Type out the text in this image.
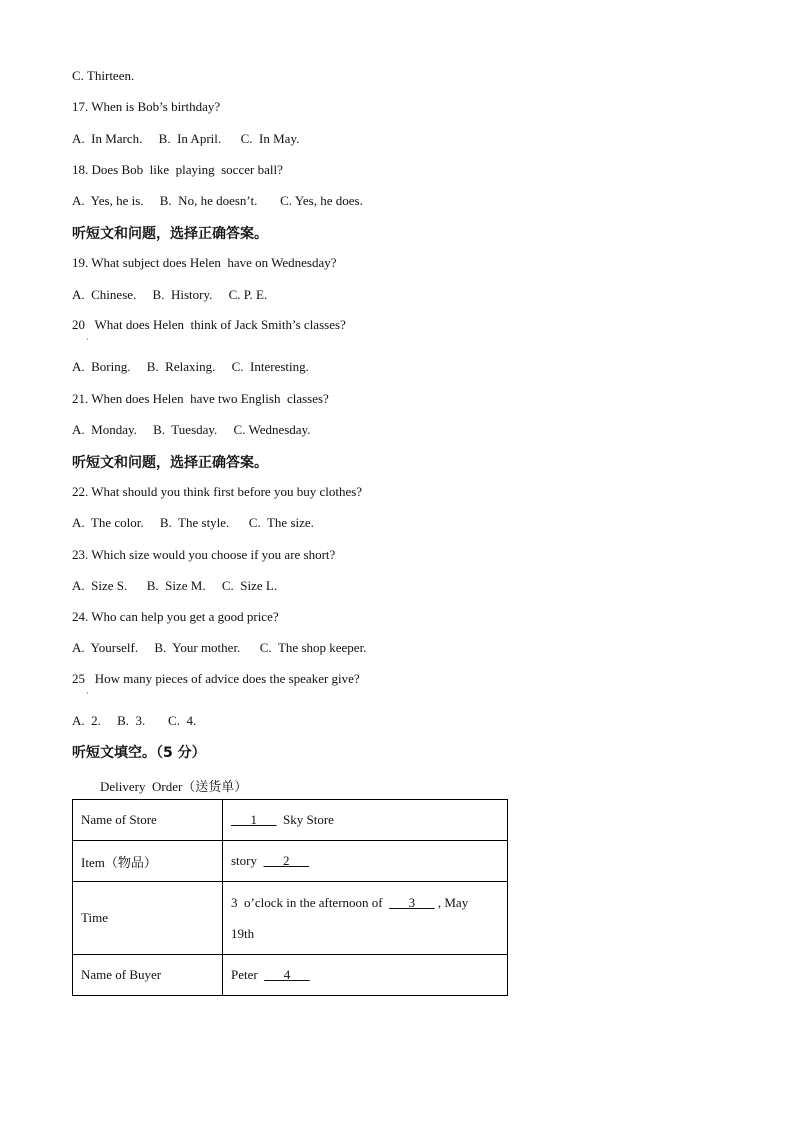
C. Thirteen.
17. When is Bob’s birthday?
A.  In March.     B.  In April.      C.  In May.
18. Does Bob  like  playing  soccer ball?
A.  Yes, he is.     B.  No, he doesn’t.       C. Yes, he does.
听短文和问题，选择正确答案。
19. What subject does Helen  have on Wednesday?
A.  Chinese.     B.  History.     C. P. E.
20   What does Helen  think of Jack Smith’s classes?
·
A.  Boring.     B.  Relaxing.     C.  Interesting.
21. When does Helen  have two English  classes?
A.  Monday.     B.  Tuesday.     C. Wednesday.
听短文和问题，选择正确答案。
22. What should you think first before you buy clothes?
A.  The color.     B.  The style.      C.  The size.
23. Which size would you choose if you are short?
A.  Size S.      B.  Size M.     C.  Size L.
24. Who can help you get a good price?
A.  Yourself.     B.  Your mother.      C.  The shop keeper.
25   How many pieces of advice does the speaker give?
·
A.  2.     B.  3.       C.  4.
听短文填空。（5 分）
Delivery  Order（送货单）
Name of Store	1        Sky Store
Item（物品）	story        2
Time	3  o’clock in the afternoon of        3       , May
19th
Name of Buyer	Peter        4
